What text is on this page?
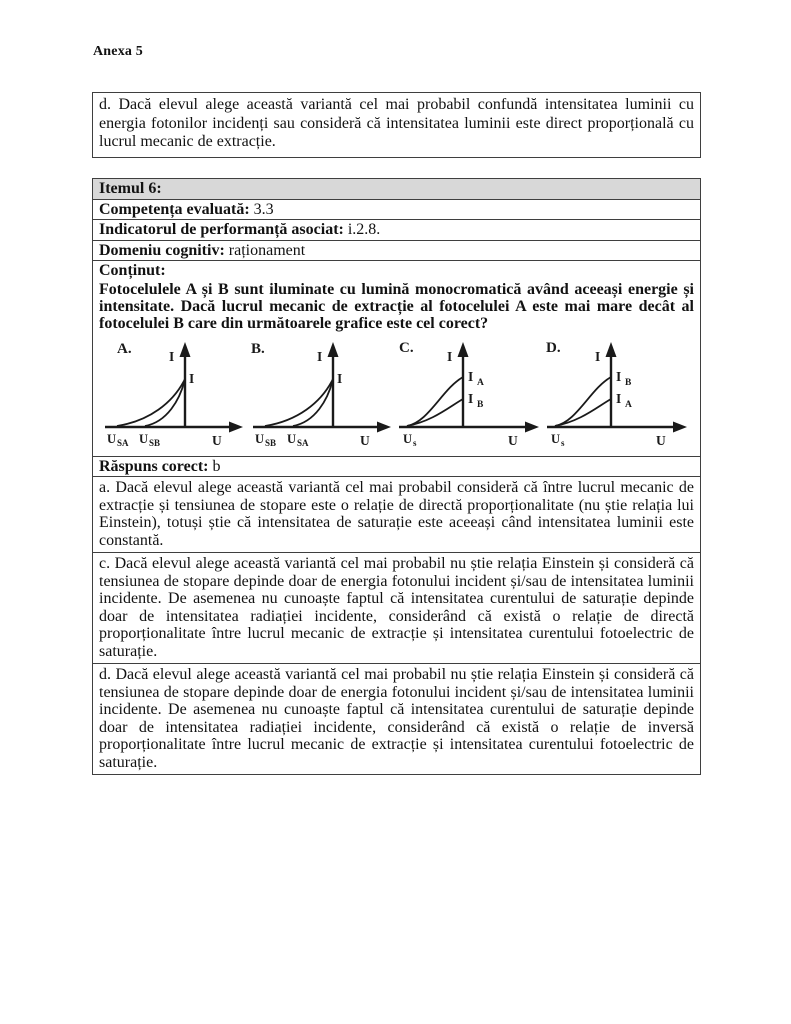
Anexa 5
d. Dacă elevul alege această variantă cel mai probabil confundă intensitatea luminii cu energia fotonilor incidenți sau consideră că intensitatea luminii este direct proporțională cu lucrul mecanic de extracție.
Itemul 6:
Competența evaluată: 3.3
Indicatorul de performanță asociat: i.2.8.
Domeniu cognitiv: raționament
Conținut:
Fotocelulele A și B sunt iluminate cu lumină monocromatică având aceeași energie și intensitate. Dacă lucrul mecanic de extracție al fotocelulei A este mai mare decât al fotocelulei B care din următoarele grafice este cel corect?
A.	I
I
U
U SA U SB
B.	I
I
U
U SB U SA
C.
I
I A
I B
U
U s
D.
I
I B
I A
U
U s
Răspuns corect: b
a. Dacă elevul alege această variantă cel mai probabil consideră că între lucrul mecanic de extracție și tensiunea de stopare este o relație de directă proporționalitate (nu știe relația lui Einstein), totuși știe că intensitatea de saturație este aceeași când intensitatea luminii este constantă.
c. Dacă elevul alege această variantă cel mai probabil nu știe relația Einstein și consideră că tensiunea de stopare depinde doar de energia fotonului incident și/sau de intensitatea luminii incidente. De asemenea nu cunoaște faptul că intensitatea curentului de saturație depinde doar de intensitatea radiației incidente, considerând că există o relație de directă proporționalitate între lucrul mecanic de extracție și intensitatea curentului fotoelectric de saturație.
d. Dacă elevul alege această variantă cel mai probabil nu știe relația Einstein și consideră că tensiunea de stopare depinde doar de energia fotonului incident și/sau de intensitatea luminii incidente. De asemenea nu cunoaște faptul că intensitatea curentului de saturație depinde doar de intensitatea radiației incidente, considerând că există o relație de inversă proporționalitate între lucrul mecanic de extracție și intensitatea curentului fotoelectric de saturație.
